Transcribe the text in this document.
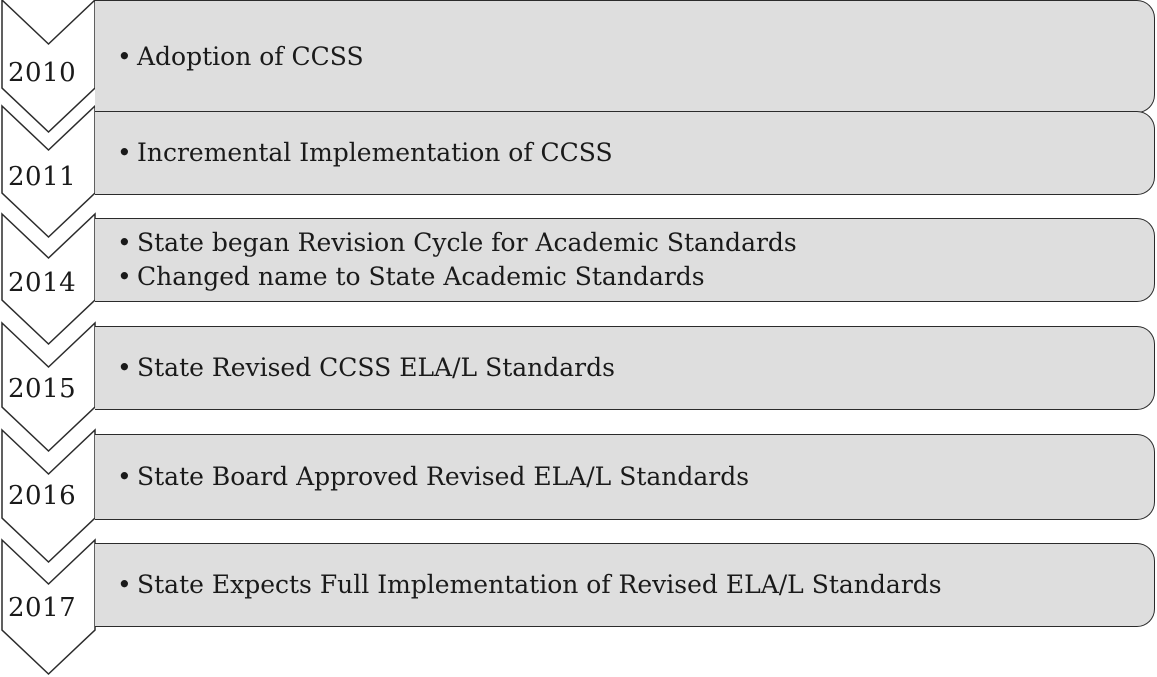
• Adoption of CCSS
2010
• Incremental Implementation of CCSS
2011
• State began Revision Cycle for Academic Standards
• Changed name to State Academic Standards
2014
• State Revised CCSS ELA/L Standards
2015
• State Board Approved Revised ELA/L Standards
2016
• State Expects Full Implementation of Revised ELA/L Standards
2017
